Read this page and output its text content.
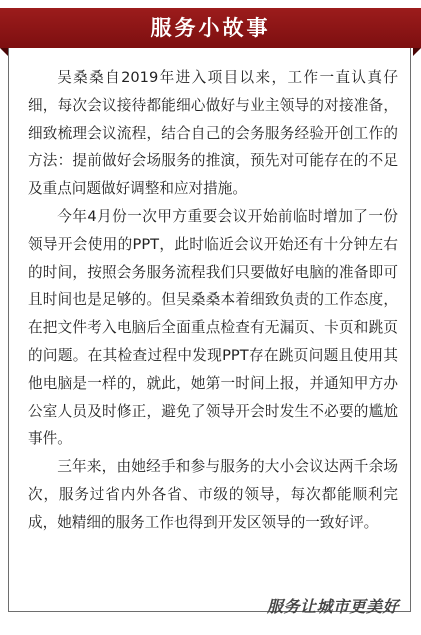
服务小故事

吴桑桑自2019年进入项目以来，工作一直认真仔细，每次会议接待都能细心做好与业主领导的对接准备，细致梳理会议流程，结合自己的会务服务经验开创工作的方法：提前做好会场服务的推演，预先对可能存在的不足及重点问题做好调整和应对措施。

今年4月份一次甲方重要会议开始前临时增加了一份领导开会使用的PPT，此时临近会议开始还有十分钟左右的时间，按照会务服务流程我们只要做好电脑的准备即可且时间也是足够的。但吴桑桑本着细致负责的工作态度，在把文件考入电脑后全面重点检查有无漏页、卡页和跳页的问题。在其检查过程中发现PPT存在跳页问题且使用其他电脑是一样的，就此，她第一时间上报，并通知甲方办公室人员及时修正，避免了领导开会时发生不必要的尴尬事件。

三年来，由她经手和参与服务的大小会议达两千余场次，服务过省内外各省、市级的领导，每次都能顺利完成，她精细的服务工作也得到开发区领导的一致好评。

服务让城市更美好
